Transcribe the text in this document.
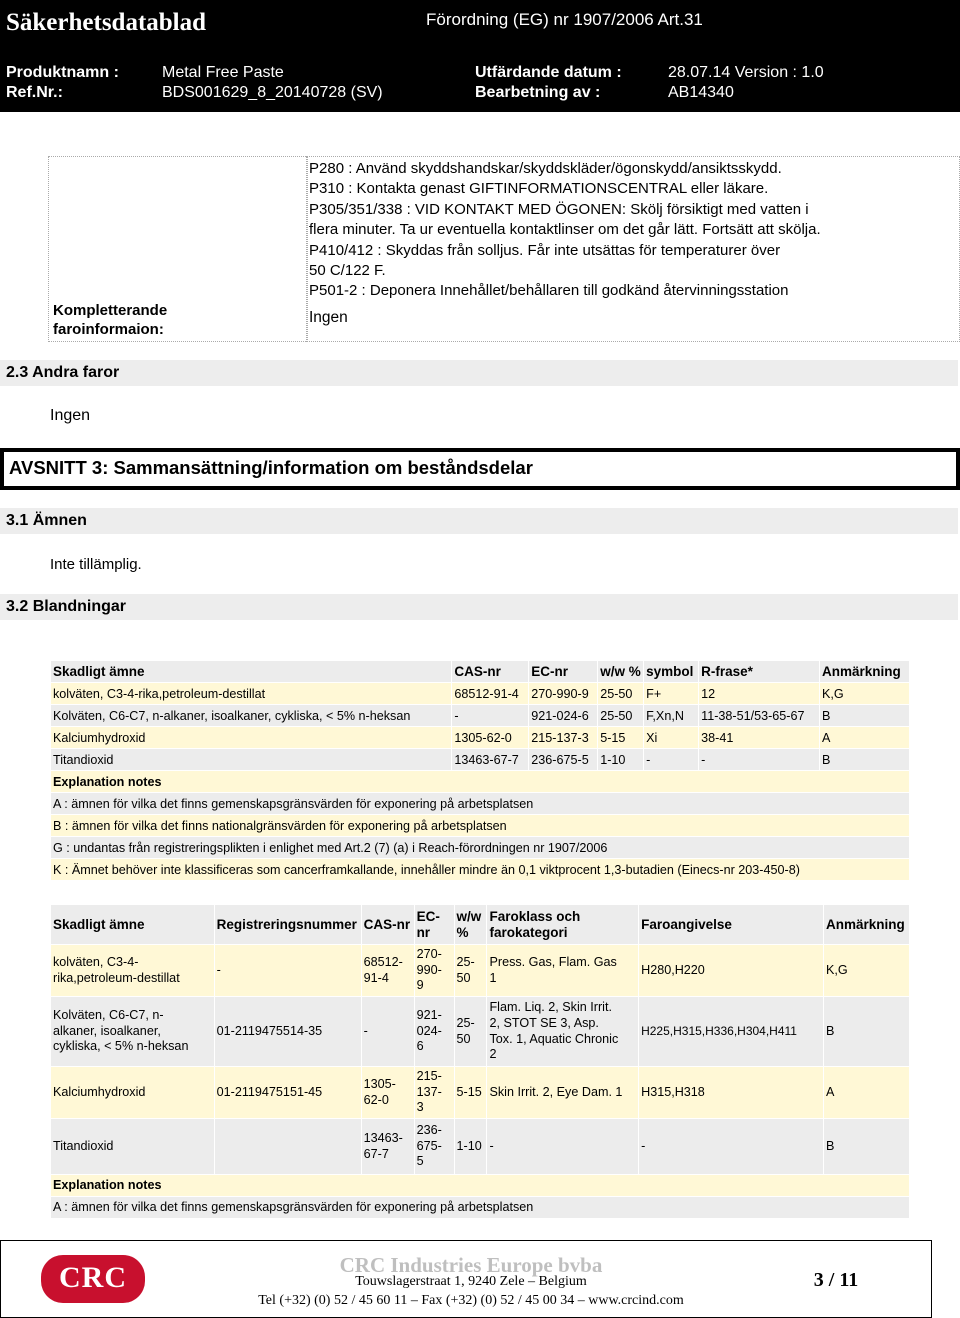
Säkerhetsdatablad	Förordning (EG) nr 1907/2006 Art.31
Produktnamn :	Metal Free Paste	Utfärdande datum :	28.07.14 Version : 1.0
Ref.Nr.:	BDS001629_8_20140728 (SV)	Bearbetning av :	AB14340
Kompletterande
faroinformaion:
P280 : Använd skyddshandskar/skyddskläder/ögonskydd/ansiktsskydd.
P310 : Kontakta genast GIFTINFORMATIONSCENTRAL eller läkare.
P305/351/338 : VID KONTAKT MED ÖGONEN: Skölj försiktigt med vatten i
flera minuter. Ta ur eventuella kontaktlinser om det går lätt. Fortsätt att skölja.
P410/412 : Skyddas från solljus. Får inte utsättas för temperaturer över
50 C/122 F.
P501-2 : Deponera Innehållet/behållaren till godkänd återvinningsstation
Ingen
2.3 Andra faror
Ingen
AVSNITT 3: Sammansättning/information om beståndsdelar
3.1 Ämnen
Inte tillämplig.
3.2 Blandningar
Skadligt ämne	CAS-nr	EC-nr	w/w %	symbol	R-frase*	Anmärkning
kolväten, C3-4-rika,petroleum-destillat	68512-91-4	270-990-9	25-50	F+	12	K,G
Kolväten, C6-C7, n-alkaner, isoalkaner, cykliska, < 5% n-heksan	-	921-024-6	25-50	F,Xn,N	11-38-51/53-65-67	B
Kalciumhydroxid	1305-62-0	215-137-3	5-15	Xi	38-41	A
Titandioxid	13463-67-7	236-675-5	1-10	-	-	B
Explanation notes						
A : ämnen för vilka det finns gemenskapsgränsvärden för exponering på arbetsplatsen						
B : ämnen för vilka det finns nationalgränsvärden för exponering på arbetsplatsen						
G : undantas från registreringsplikten i enlighet med Art.2 (7) (a) i Reach-förordningen nr 1907/2006						
K : Ämnet behöver inte klassificeras som cancerframkallande, innehåller mindre än 0,1 viktprocent 1,3-butadien (Einecs-nr 203-450-8)						
Skadligt ämne	Registreringsnummer	CAS-nr	EC-
nr	w/w
%	Faroklass och
farokategori	Faroangivelse	Anmärkning
kolväten, C3-4-
rika,petroleum-destillat	-	68512-
91-4	270-
990-
9	25-
50	Press. Gas, Flam. Gas
1	H280,H220	K,G
Kolväten, C6-C7, n-
alkaner, isoalkaner,
cykliska, < 5% n-heksan	01-2119475514-35	-	921-
024-
6	25-
50	Flam. Liq. 2, Skin Irrit.
2, STOT SE 3, Asp.
Tox. 1, Aquatic Chronic
2	H225,H315,H336,H304,H411	B
Kalciumhydroxid	01-2119475151-45	1305-
62-0	215-
137-
3	5-15	Skin Irrit. 2, Eye Dam. 1	H315,H318	A
Titandioxid		13463-
67-7	236-
675-
5	1-10	-	-	B
Explanation notes							
A : ämnen för vilka det finns gemenskapsgränsvärden för exponering på arbetsplatsen							
CRC	CRC Industries Europe bvba
Touwslagerstraat 1, 9240 Zele – Belgium
Tel (+32) (0) 52 / 45 60 11 – Fax (+32) (0) 52 / 45 00 34 – www.crcind.com
3 / 11
